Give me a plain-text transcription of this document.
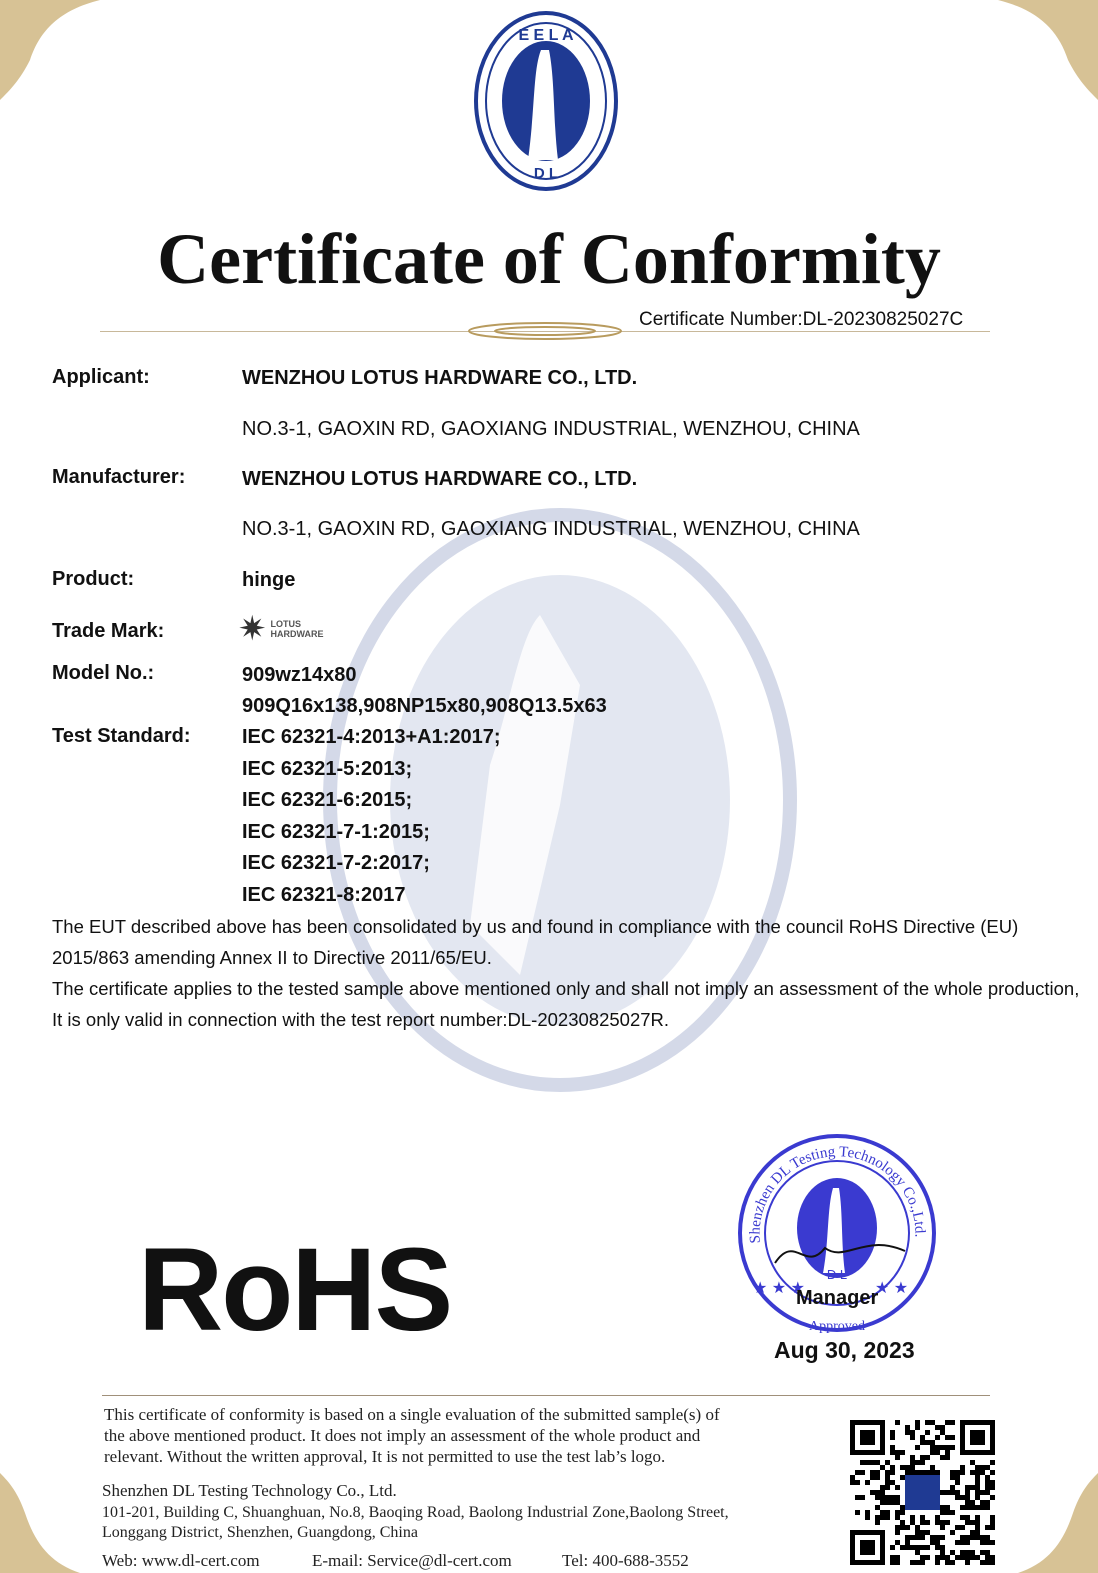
E E L A
D L
Certificate of Conformity
Certificate Number:DL-20230825027C
Applicant:	WENZHOU LOTUS HARDWARE CO., LTD.
NO.3-1, GAOXIN RD, GAOXIANG INDUSTRIAL, WENZHOU, CHINA
Manufacturer:	WENZHOU LOTUS HARDWARE CO., LTD.
NO.3-1, GAOXIN RD, GAOXIANG INDUSTRIAL, WENZHOU, CHINA
Product:	hinge
Trade Mark: ✷ LOTUS HARDWARE
Model No.:	909wz14x80
909Q16x138,908NP15x80,908Q13.5x63
Test Standard:	IEC 62321-4:2013+A1:2017;
IEC 62321-5:2013;
IEC 62321-6:2015;
IEC 62321-7-1:2015;
IEC 62321-7-2:2017;
IEC 62321-8:2017
The EUT described above has been consolidated by us and found in compliance with the council RoHS Directive (EU) 2015/863 amending Annex II to Directive 2011/65/EU.
The certificate applies to the tested sample above mentioned only and shall not imply an assessment of the whole production, It is only valid in connection with the test report number:DL-20230825027R.
RoHS	★ ★ ★	★ ★
D L
Approved
Shenzhen DL Testing Technology Co.,Ltd.
Manager
Aug 30, 2023
This certificate of conformity is based on a single evaluation of the submitted sample(s) of
the above mentioned product. It does not imply an assessment of the whole product and
relevant. Without the written approval, It is not permitted to use the test lab’s logo.
Shenzhen DL Testing Technology Co., Ltd.
101-201, Building C, Shuanghuan, No.8, Baoqing Road, Baolong Industrial Zone,Baolong Street,
Longgang District, Shenzhen, Guangdong, China
Web: www.dl-cert.com	E-mail: Service@dl-cert.com	Tel: 400-688-3552
